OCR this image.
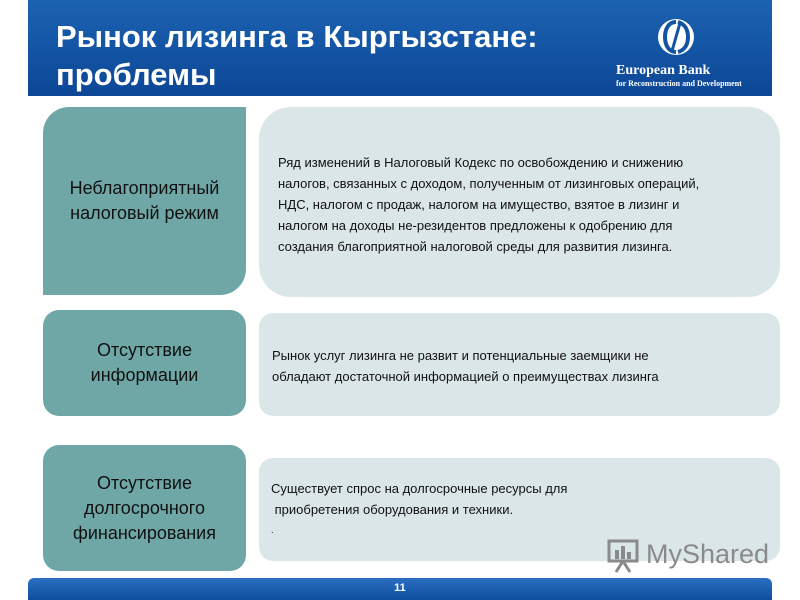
Рынок лизинга в Кыргызстане:
проблемы	European Bank
for Reconstruction and Development
Неблагоприятный
налоговый режим

Ряд изменений в Налоговый Кодекс по освобождению и снижению

налогов, связанных с доходом, полученным от лизинговых операций,

НДС, налогом с продаж, налогом на имущество, взятое в лизинг и

налогом на доходы не-резидентов предложены к одобрению для

создания благоприятной налоговой среды для развития лизинга.

Отсутствие
информации

Рынок услуг лизинга не развит и потенциальные заемщики не

обладают достаточной информацией о преимуществах лизинга

Отсутствие
долгосрочного
финансирования

Существует спрос на долгосрочные ресурсы для

приобретения оборудования и техники.

.

MyShared
11
